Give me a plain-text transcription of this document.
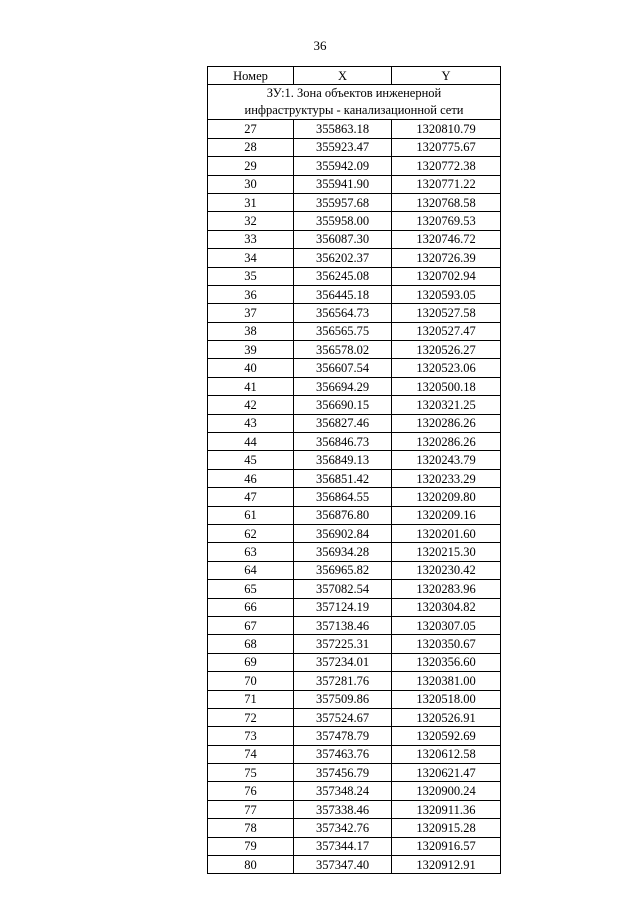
36
Номер	X	Y

ЗУ:1. Зона объектов инженерной
инфраструктуры - канализационной сети		

27	355863.18	1320810.79
28	355923.47	1320775.67
29	355942.09	1320772.38
30	355941.90	1320771.22
31	355957.68	1320768.58
32	355958.00	1320769.53
33	356087.30	1320746.72
34	356202.37	1320726.39
35	356245.08	1320702.94
36	356445.18	1320593.05
37	356564.73	1320527.58
38	356565.75	1320527.47
39	356578.02	1320526.27
40	356607.54	1320523.06
41	356694.29	1320500.18
42	356690.15	1320321.25
43	356827.46	1320286.26
44	356846.73	1320286.26
45	356849.13	1320243.79
46	356851.42	1320233.29
47	356864.55	1320209.80
61	356876.80	1320209.16
62	356902.84	1320201.60
63	356934.28	1320215.30
64	356965.82	1320230.42
65	357082.54	1320283.96
66	357124.19	1320304.82
67	357138.46	1320307.05
68	357225.31	1320350.67
69	357234.01	1320356.60
70	357281.76	1320381.00
71	357509.86	1320518.00
72	357524.67	1320526.91
73	357478.79	1320592.69
74	357463.76	1320612.58
75	357456.79	1320621.47
76	357348.24	1320900.24
77	357338.46	1320911.36
78	357342.76	1320915.28
79	357344.17	1320916.57
80	357347.40	1320912.91
